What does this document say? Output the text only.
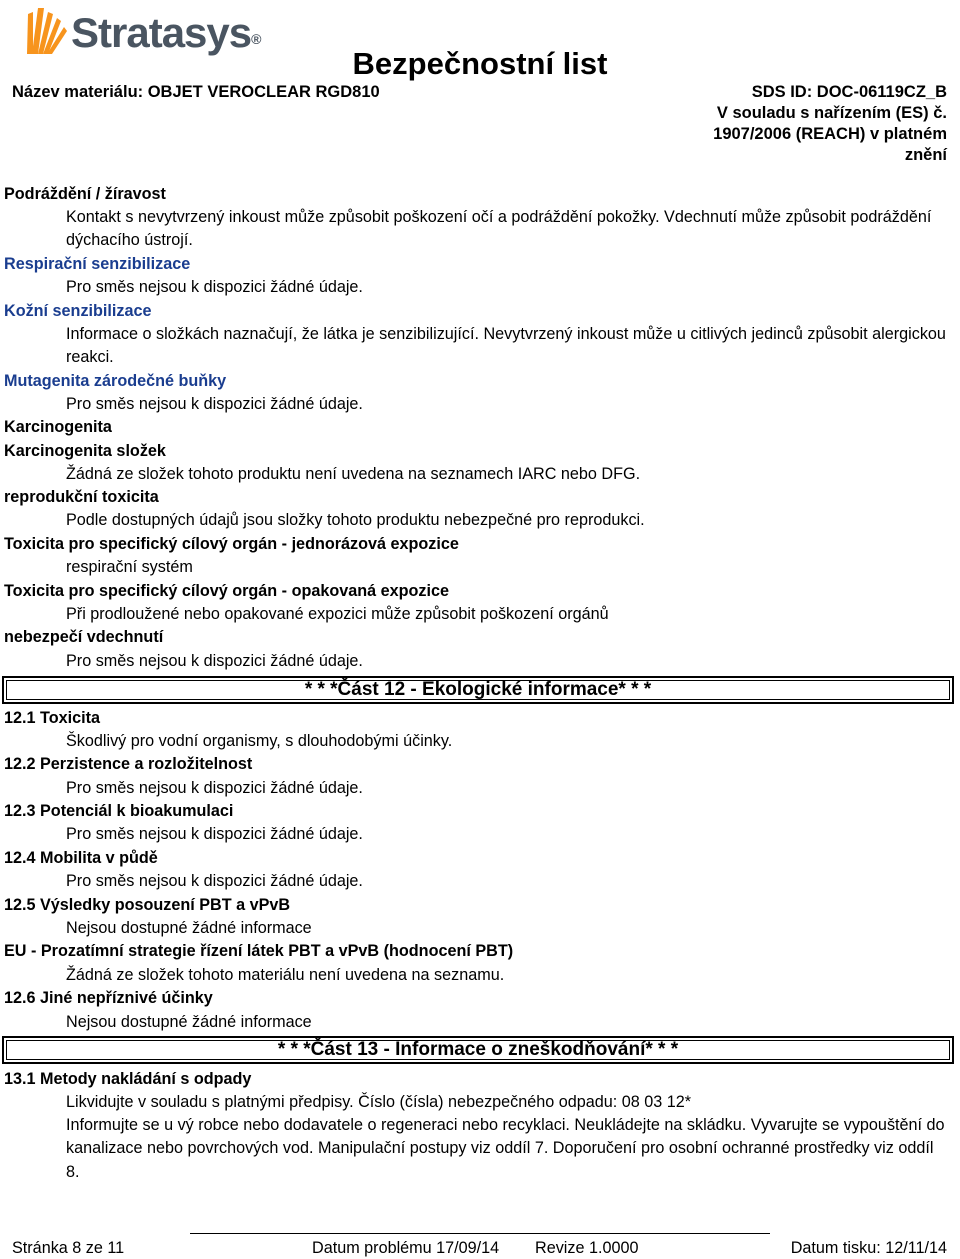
Stratasys®
Bezpečnostní list
Název materiálu: OBJET VEROCLEAR RGD810	SDS ID: DOC-06119CZ_B
V souladu s nařízením (ES) č. 1907/2006 (REACH) v platném znění
Podráždění / žíravost
Kontakt s nevytvrzený inkoust může způsobit poškození očí a podráždění pokožky. Vdechnutí může způsobit podráždění dýchacího ústrojí.
Respirační senzibilizace
Pro směs nejsou k dispozici žádné údaje.
Kožní senzibilizace
Informace o složkách naznačují, že látka je senzibilizující. Nevytvrzený inkoust může u citlivých jedinců způsobit alergickou reakci.
Mutagenita zárodečné buňky
Pro směs nejsou k dispozici žádné údaje.
Karcinogenita
Karcinogenita složek
Žádná ze složek tohoto produktu není uvedena na seznamech IARC nebo DFG.
reprodukční toxicita
Podle dostupných údajů jsou složky tohoto produktu nebezpečné pro reprodukci.
Toxicita pro specifický cílový orgán - jednorázová expozice
respirační systém
Toxicita pro specifický cílový orgán - opakovaná expozice
Při prodloužené nebo opakované expozici může způsobit poškození orgánů
nebezpečí vdechnutí
Pro směs nejsou k dispozici žádné údaje.
* * *Část 12 - Ekologické informace* * *
12.1 Toxicita
Škodlivý pro vodní organismy, s dlouhodobými účinky.
12.2 Perzistence a rozložitelnost
Pro směs nejsou k dispozici žádné údaje.
12.3 Potenciál k bioakumulaci
Pro směs nejsou k dispozici žádné údaje.
12.4 Mobilita v půdě
Pro směs nejsou k dispozici žádné údaje.
12.5 Výsledky posouzení PBT a vPvB
Nejsou dostupné žádné informace
EU - Prozatímní strategie řízení látek PBT a vPvB (hodnocení PBT)
Žádná ze složek tohoto materiálu není uvedena na seznamu.
12.6 Jiné nepříznivé účinky
Nejsou dostupné žádné informace
* * *Část 13 - Informace o zneškodňování* * *
13.1 Metody nakládání s odpady
Likvidujte v souladu s platnými předpisy. Číslo (čísla) nebezpečného odpadu: 08 03 12*
Informujte se u vý robce nebo dodavatele o regeneraci nebo recyklaci. Neukládejte na skládku. Vyvarujte se vypouštění do kanalizace nebo povrchových vod. Manipulační postupy viz oddíl 7. Doporučení pro osobní ochranné prostředky viz oddíl 8.
Stránka 8 ze 11	Datum problému 17/09/14 Revize 1.0000	Datum tisku: 12/11/14
